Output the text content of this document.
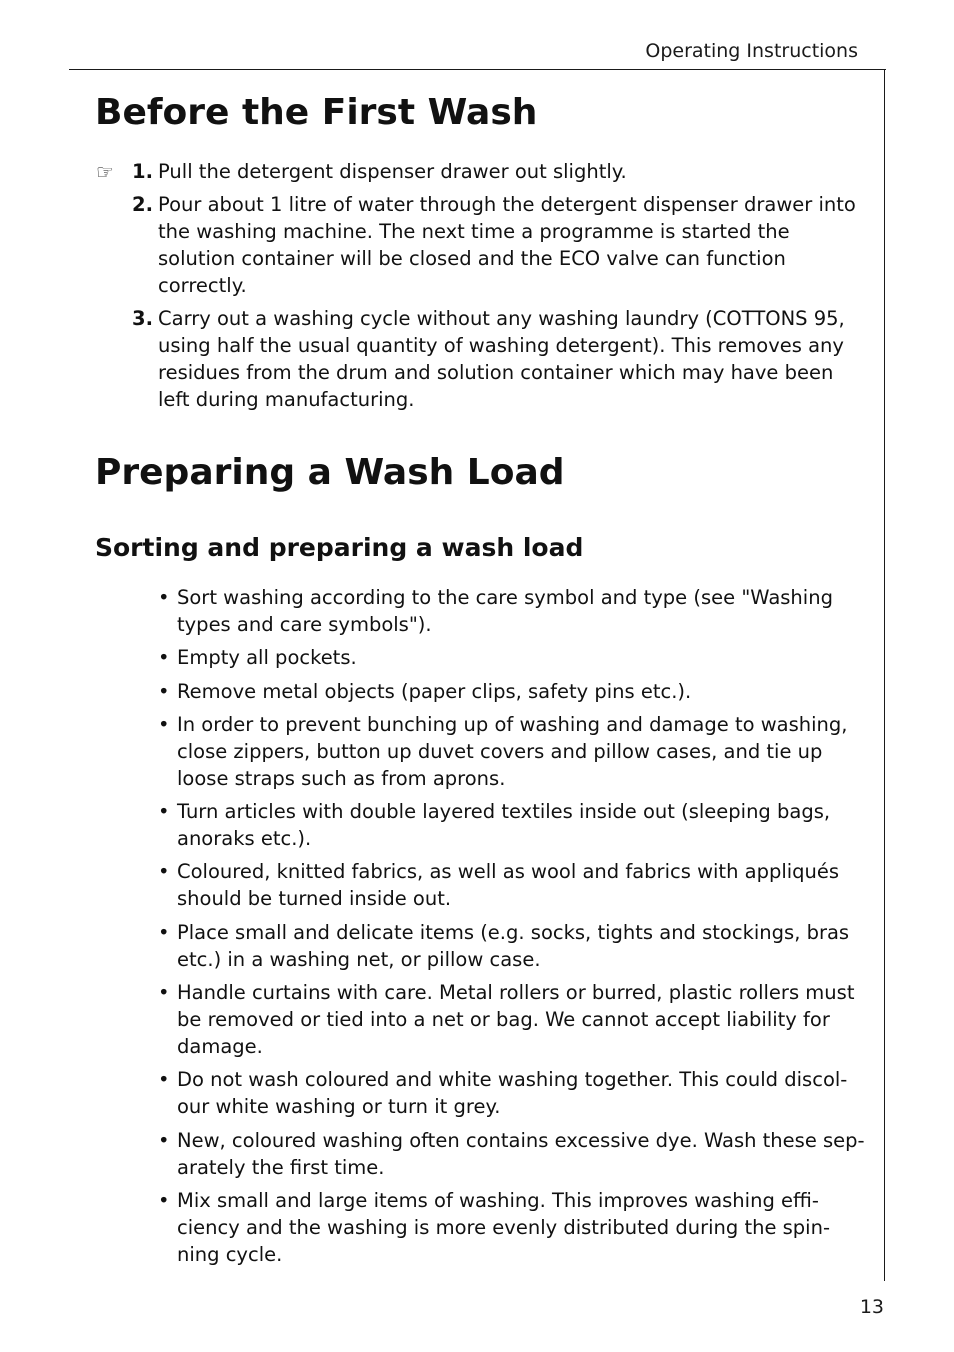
Operating Instructions
Before the First Wash
☞ 1. Pull the detergent dispenser drawer out slightly.
2. Pour about 1 litre of water through the detergent dispenser drawer into the washing machine. The next time a programme is started the solution container will be closed and the ECO valve can function correctly.
3. Carry out a washing cycle without any washing laundry (COTTONS 95, using half the usual quantity of washing detergent). This removes any residues from the drum and solution container which may have been left during manufacturing.
Preparing a Wash Load
Sorting and preparing a wash load
• Sort washing according to the care symbol and type (see "Washing types and care symbols").
• Empty all pockets.
• Remove metal objects (paper clips, safety pins etc.).
• In order to prevent bunching up of washing and damage to washing, close zippers, button up duvet covers and pillow cases, and tie up loose straps such as from aprons.
• Turn articles with double layered textiles inside out (sleeping bags, anoraks etc.).
• Coloured, knitted fabrics, as well as wool and fabrics with appliqués should be turned inside out.
• Place small and delicate items (e.g. socks, tights and stockings, bras etc.) in a washing net, or pillow case.
• Handle curtains with care. Metal rollers or burred, plastic rollers must be removed or tied into a net or bag. We cannot accept liability for damage.
• Do not wash coloured and white washing together. This could discol-our white washing or turn it grey.
• New, coloured washing often contains excessive dye. Wash these sep-arately the first time.
• Mix small and large items of washing. This improves washing effi-ciency and the washing is more evenly distributed during the spin-ning cycle.
13
